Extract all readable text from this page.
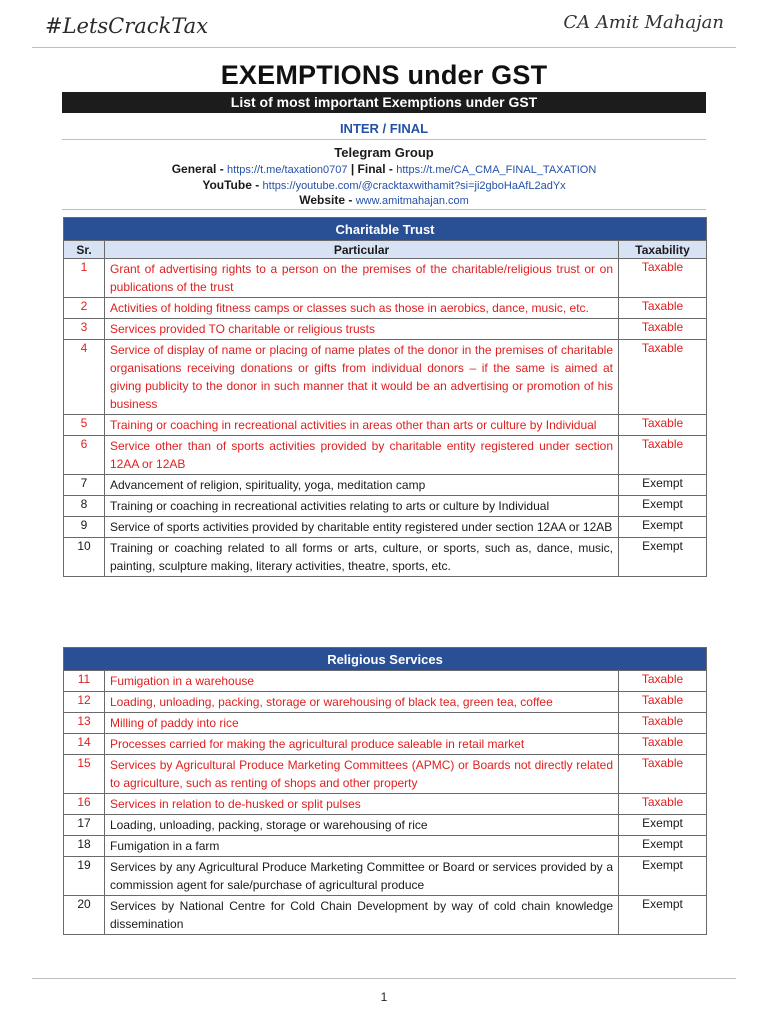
#LetsCrackTax	CA Amit Mahajan
EXEMPTIONS under GST
List of most important Exemptions under GST
INTER / FINAL
Telegram Group
General - https://t.me/taxation0707 | Final - https://t.me/CA_CMA_FINAL_TAXATION
YouTube - https://youtube.com/@cracktaxwithamit?si=ji2gboHaAfL2adYx
Website - www.amitmahajan.com
Charitable Trust		
Sr.	Particular	Taxability
1	Grant of advertising rights to a person on the premises of the charitable/religious trust or on publications of the trust	Taxable
2	Activities of holding fitness camps or classes such as those in aerobics, dance, music, etc.	Taxable
3	Services provided TO charitable or religious trusts	Taxable
4	Service of display of name or placing of name plates of the donor in the premises of charitable organisations receiving donations or gifts from individual donors – if the same is aimed at giving publicity to the donor in such manner that it would be an advertising or promotion of his business	Taxable
5	Training or coaching in recreational activities in areas other than arts or culture by Individual	Taxable
6	Service other than of sports activities provided by charitable entity registered under section 12AA or 12AB	Taxable
7	Advancement of religion, spirituality, yoga, meditation camp	Exempt
8	Training or coaching in recreational activities relating to arts or culture by Individual	Exempt
9	Service of sports activities provided by charitable entity registered under section 12AA or 12AB	Exempt
10	Training or coaching related to all forms or arts, culture, or sports, such as, dance, music, painting, sculpture making, literary activities, theatre, sports, etc.	Exempt
Religious Services		
11	Fumigation in a warehouse	Taxable
12	Loading, unloading, packing, storage or warehousing of black tea, green tea, coffee	Taxable
13	Milling of paddy into rice	Taxable
14	Processes carried for making the agricultural produce saleable in retail market	Taxable
15	Services by Agricultural Produce Marketing Committees (APMC) or Boards not directly related to agriculture, such as renting of shops and other property	Taxable
16	Services in relation to de-husked or split pulses	Taxable
17	Loading, unloading, packing, storage or warehousing of rice	Exempt
18	Fumigation in a farm	Exempt
19	Services by any Agricultural Produce Marketing Committee or Board or services provided by a commission agent for sale/purchase of agricultural produce	Exempt
20	Services by National Centre for Cold Chain Development by way of cold chain knowledge dissemination	Exempt
1
